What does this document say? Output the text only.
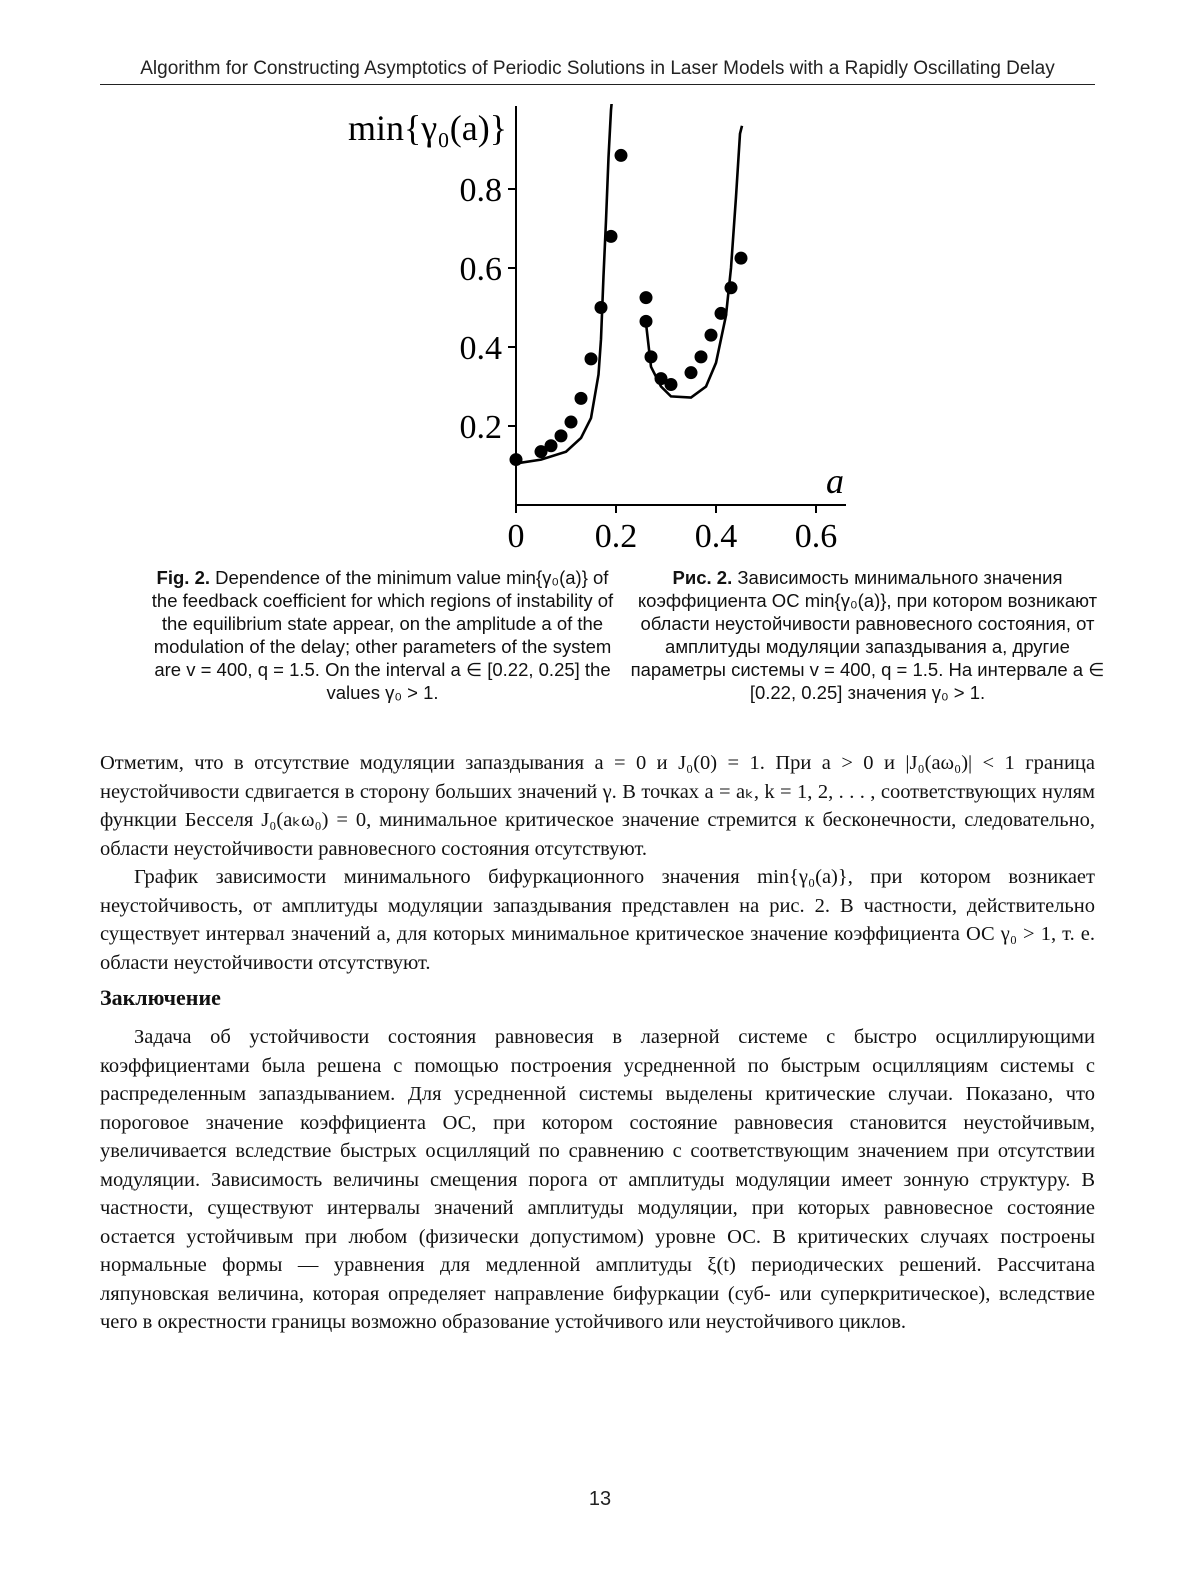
Algorithm for Constructing Asymptotics of Periodic Solutions in Laser Models with a Rapidly Oscillating Delay
0.8
0.6
0.4
0.2
0 0.2 0.4 0.6
min{γ₀(a)}
a
Fig. 2. Dependence of the minimum value min{γ₀(a)} of the feedback coefficient for which regions of instability of the equilibrium state appear, on the amplitude a of the modulation of the delay; other parameters of the system are v = 400, q = 1.5. On the interval a ∈ [0.22, 0.25] the values γ₀ > 1.
Рис. 2. Зависимость минимального значения коэффициента ОС min{γ₀(a)}, при котором возникают области неустойчивости равновесного состояния, от амплитуды модуляции запаздывания a, другие параметры системы v = 400, q = 1.5. На интервале a ∈ [0.22, 0.25] значения γ₀ > 1.

Отметим, что в отсутствие модуляции запаздывания a = 0 и J₀(0) = 1. При a > 0 и |J₀(aω₀)| < 1 граница неустойчивости сдвигается в сторону больших значений γ. В точках a = aₖ, k = 1, 2, . . . , соответствующих нулям функции Бесселя J₀(aₖω₀) = 0, минимальное критическое значение стремится к бесконечности, следовательно, области неустойчивости равновесного состояния отсутствуют.

График зависимости минимального бифуркационного значения min{γ₀(a)}, при котором возникает неустойчивость, от амплитуды модуляции запаздывания представлен на рис. 2. В частности, действительно существует интервал значений a, для которых минимальное критическое значение коэффициента ОС γ₀ > 1, т. е. области неустойчивости отсутствуют.

Заключение

Задача об устойчивости состояния равновесия в лазерной системе с быстро осциллирующими коэффициентами была решена с помощью построения усредненной по быстрым осцилляциям системы с распределенным запаздыванием. Для усредненной системы выделены критические случаи. Показано, что пороговое значение коэффициента ОС, при котором состояние равновесия становится неустойчивым, увеличивается вследствие быстрых осцилляций по сравнению с соответствующим значением при отсутствии модуляции. Зависимость величины смещения порога от амплитуды модуляции имеет зонную структуру. В частности, существуют интервалы значений амплитуды модуляции, при которых равновесное состояние остается устойчивым при любом (физически допустимом) уровне ОС. В критических случаях построены нормальные формы — уравнения для медленной амплитуды ξ(t) периодических решений. Рассчитана ляпуновская величина, которая определяет направление бифуркации (суб- или суперкритическое), вследствие чего в окрестности границы возможно образование устойчивого или неустойчивого циклов.

13
